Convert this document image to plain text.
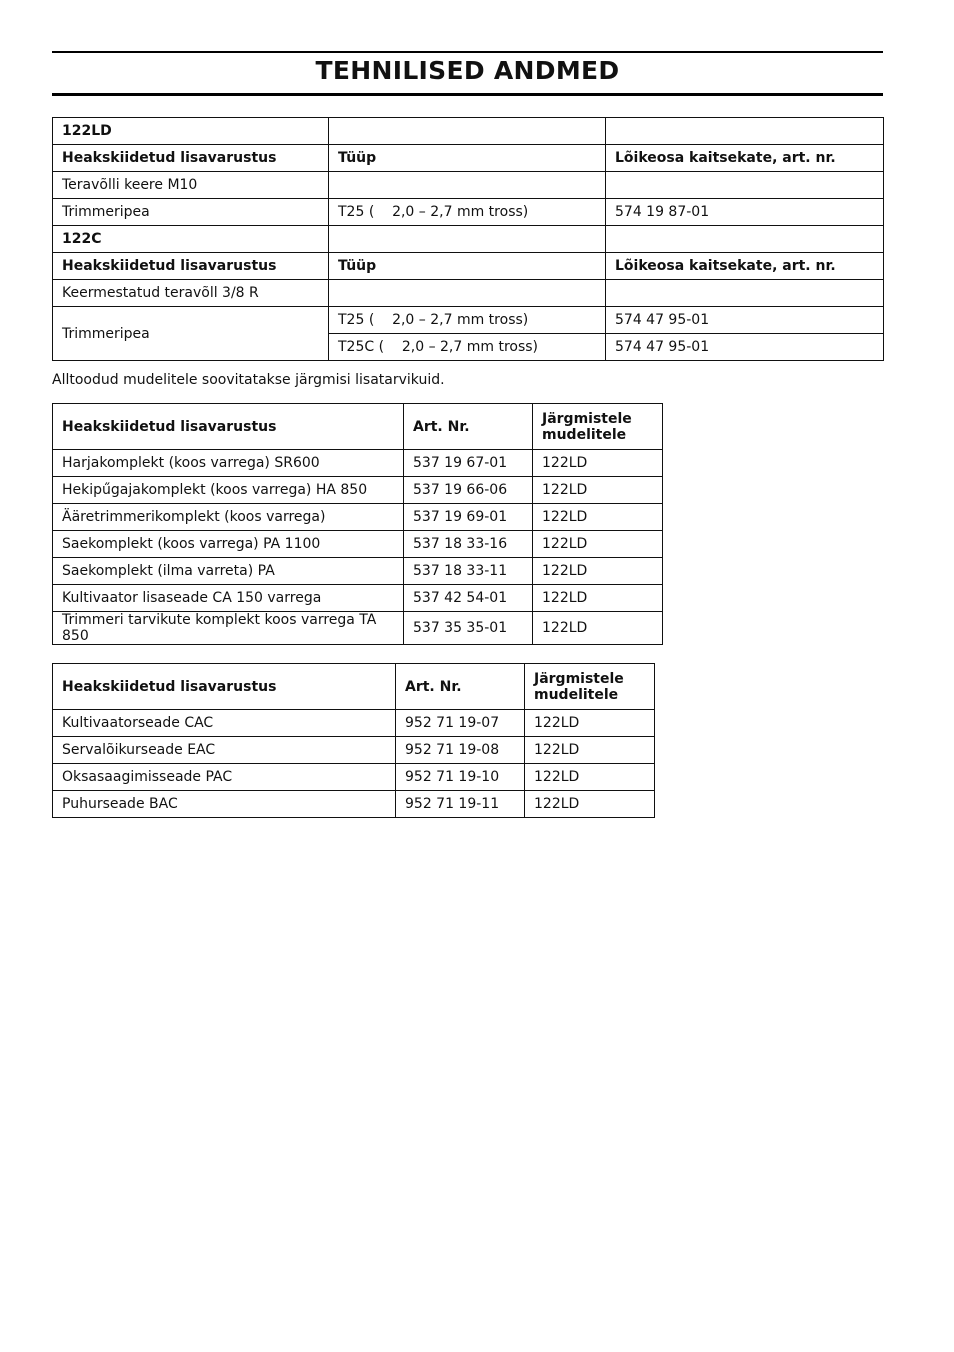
TEHNILISED ANDMED
122LD		
Heakskiidetud lisavarustus	Tüüp	Lõikeosa kaitsekate, art. nr.
Teravõlli keere M10		
Trimmeripea	T25 (    2,0 – 2,7 mm tross)	574 19 87-01
122C		
Heakskiidetud lisavarustus	Tüüp	Lõikeosa kaitsekate, art. nr.
Keermestatud teravõll 3/8 R		
Trimmeripea	T25 (    2,0 – 2,7 mm tross)	574 47 95-01
	T25C (    2,0 – 2,7 mm tross)	574 47 95-01
Alltoodud mudelitele soovitatakse järgmisi lisatarvikuid.
Heakskiidetud lisavarustus	Art. Nr.	Järgmistele mudelitele
Harjakomplekt (koos varrega) SR600	537 19 67-01	122LD
Hekipűgajakomplekt (koos varrega) HA 850	537 19 66-06	122LD
Ääretrimmerikomplekt (koos varrega)	537 19 69-01	122LD
Saekomplekt (koos varrega) PA 1100	537 18 33-16	122LD
Saekomplekt (ilma varreta) PA	537 18 33-11	122LD
Kultivaator lisaseade CA 150 varrega	537 42 54-01	122LD
Trimmeri tarvikute komplekt koos varrega TA 850	537 35 35-01	122LD
Heakskiidetud lisavarustus	Art. Nr.	Järgmistele mudelitele
Kultivaatorseade CAC	952 71 19-07	122LD
Servalõikurseade EAC	952 71 19-08	122LD
Oksasaagimisseade PAC	952 71 19-10	122LD
Puhurseade BAC	952 71 19-11	122LD
